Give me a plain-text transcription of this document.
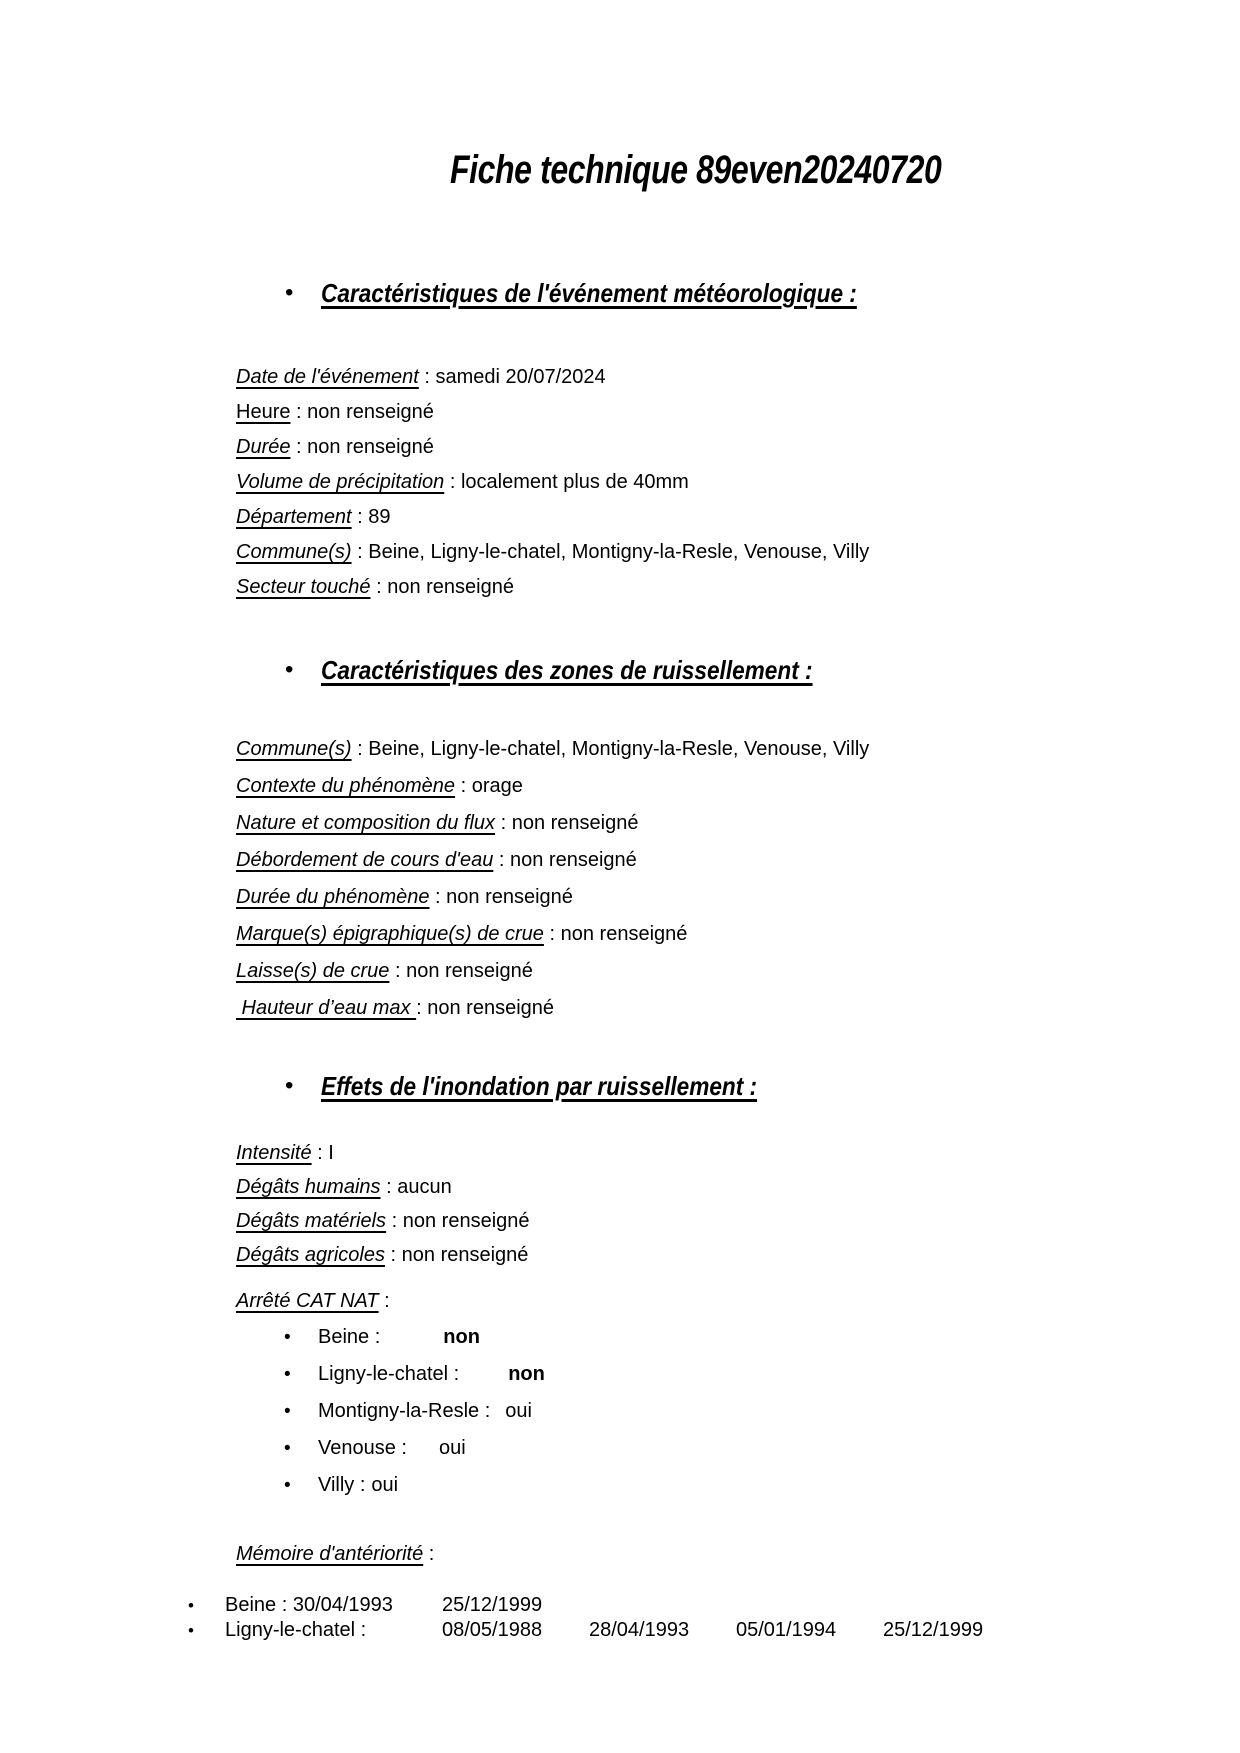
Fiche technique 89even20240720
•
Caractéristiques de l'événement météorologique :
Date de l'événement : samedi 20/07/2024
Heure : non renseigné
Durée : non renseigné
Volume de précipitation : localement plus de 40mm
Département : 89
Commune(s) : Beine, Ligny-le-chatel, Montigny-la-Resle, Venouse, Villy
Secteur touché : non renseigné
•
Caractéristiques des zones de ruissellement :
Commune(s) : Beine, Ligny-le-chatel, Montigny-la-Resle, Venouse, Villy
Contexte du phénomène : orage
Nature et composition du flux : non renseigné
Débordement de cours d'eau : non renseigné
Durée du phénomène : non renseigné
Marque(s) épigraphique(s) de crue : non renseigné
Laisse(s) de crue : non renseigné
Hauteur d’eau max : non renseigné
•
Effets de l'inondation par ruissellement :
Intensité : I
Dégâts humains : aucun
Dégâts matériels : non renseigné
Dégâts agricoles : non renseigné
Arrêté CAT NAT :
•
Beine :	non
•
Ligny-le-chatel : non
•
Montigny-la-Resle : oui
•
Venouse : oui
•
Villy : oui
Mémoire d'antériorité :
•
Beine : 30/04/1993	25/12/1999
•
Ligny-le-chatel :	08/05/1988	28/04/1993	05/01/1994	25/12/1999
